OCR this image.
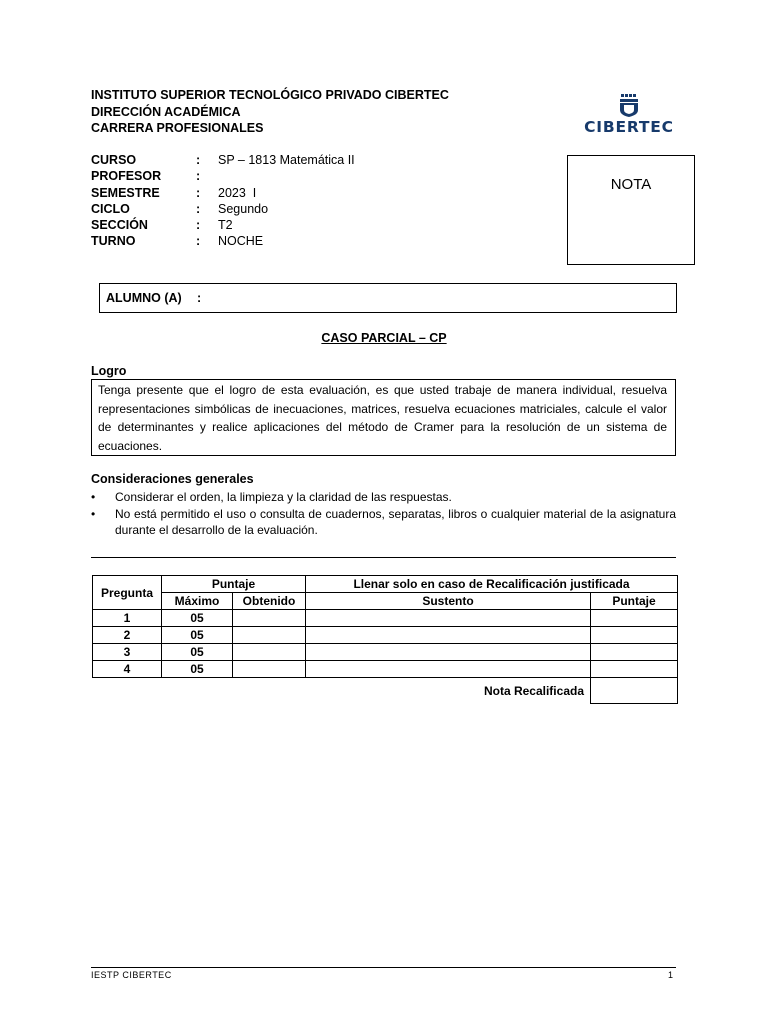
INSTITUTO SUPERIOR TECNOLÓGICO PRIVADO CIBERTEC
DIRECCIÓN ACADÉMICA
CARRERA PROFESIONALES	CIBERTEC
CURSO	: SP – 1813 Matemática II
PROFESOR	:
SEMESTRE	: 2023  I
CICLO	: Segundo
SECCIÓN	: T2
TURNO	: NOCHE
NOTA
ALUMNO (A) :
CASO PARCIAL – CP
Logro
Tenga presente que el logro de esta evaluación, es que usted trabaje de manera individual, resuelva representaciones simbólicas de inecuaciones, matrices, resuelva ecuaciones matriciales, calcule el valor de determinantes y realice aplicaciones del método de Cramer para la resolución de un sistema de ecuaciones.
Consideraciones generales
• Considerar el orden, la limpieza y la claridad de las respuestas.
• No está permitido el uso o consulta de cuadernos, separatas, libros o cualquier material de la asignatura durante el desarrollo de la evaluación.
Pregunta	Puntaje		Llenar solo en caso de Recalificación justificada	
	Máximo	Obtenido	Sustento	Puntaje
1	05			
2	05			
3	05			
4	05			
			Nota Recalificada	
IESTP CIBERTEC	1
